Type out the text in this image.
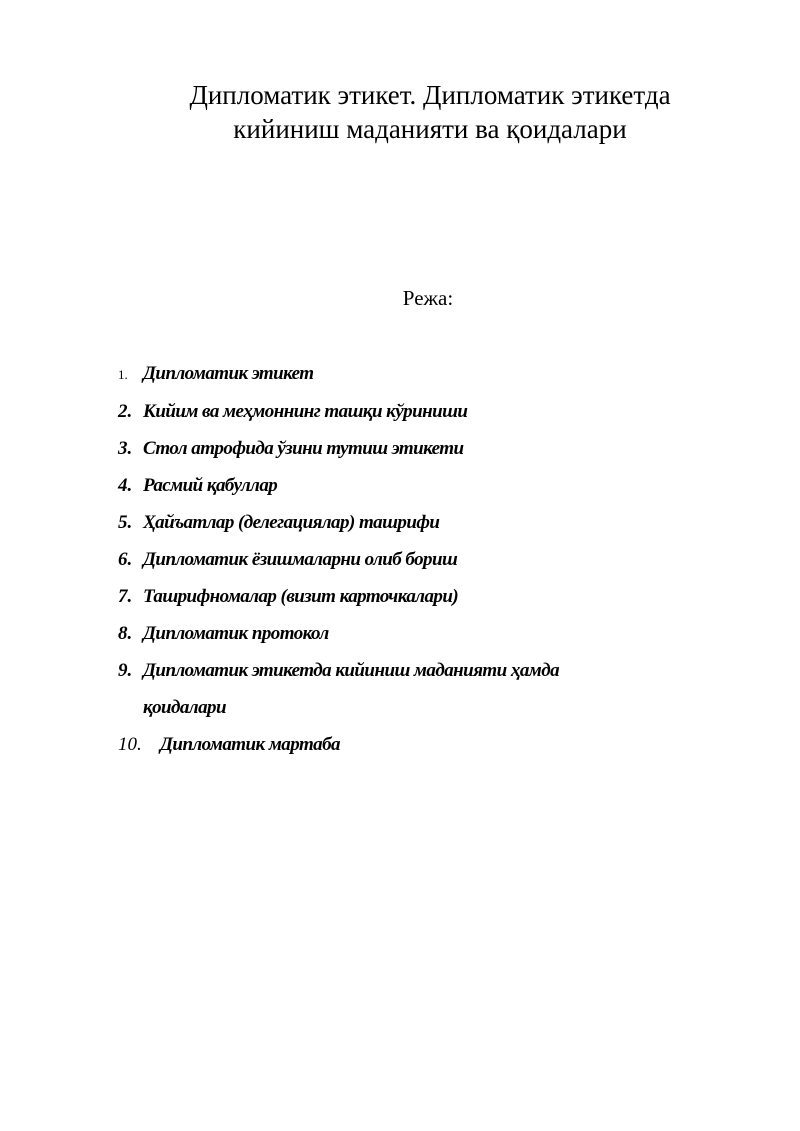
Дипломатик этикет. Дипломатик этикетда
кийиниш маданияти ва қоидалари
Режа:
1. Дипломатик этикет
2. Кийим ва меҳмоннинг ташқи кўриниши
3. Стол атрофида ўзини тутиш этикети
4. Расмий қабуллар
5. Ҳайъатлар (делегациялар) ташрифи
6. Дипломатик ёзишмаларни олиб бориш
7. Ташрифномалар (визит карточкалари)
8. Дипломатик протокол
9. Дипломатик этикетда кийиниш маданияти ҳамда
қоидалари
10. Дипломатик мартаба
